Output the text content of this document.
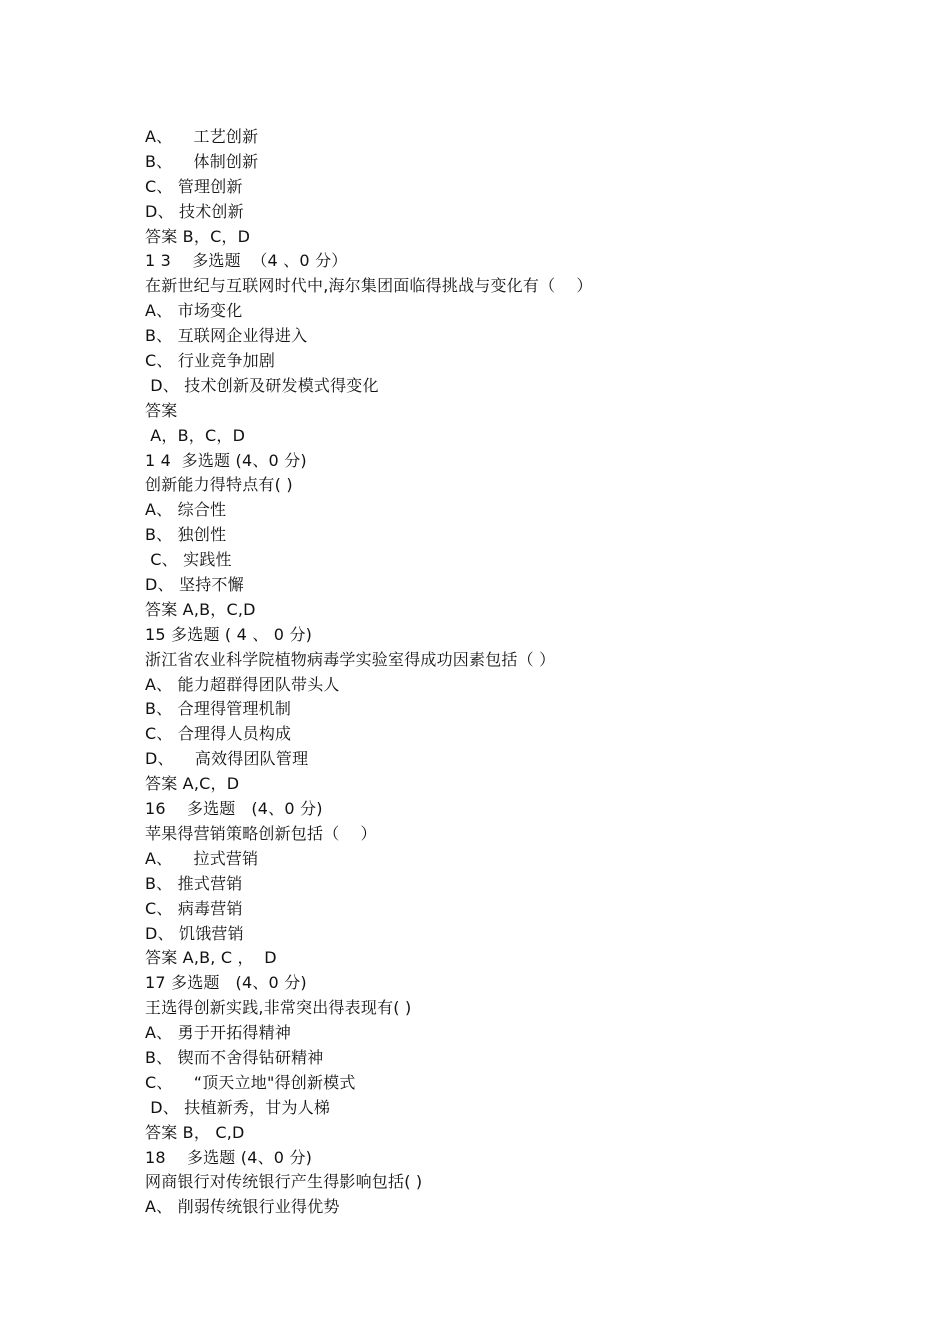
A、    工艺创新
B、    体制创新
C、 管理创新
D、 技术创新
答案 B，C，D
1 3    多选题  （4 、0 分）
在新世纪与互联网时代中,海尔集团面临得挑战与变化有（    ）
A、 市场变化
B、 互联网企业得进入
C、 行业竞争加剧
D、 技术创新及研发模式得变化
答案
A，B，C，D
1 4  多选题 (4、0 分)
创新能力得特点有( )
A、 综合性
B、 独创性
C、 实践性
D、 坚持不懈
答案 A,B，C,D
15 多选题 ( 4 、 0 分)
浙江省农业科学院植物病毒学实验室得成功因素包括（ ）
A、 能力超群得团队带头人
B、 合理得管理机制
C、 合理得人员构成
D、    高效得团队管理
答案 A,C，D
16    多选题   (4、0 分)
苹果得营销策略创新包括（    ）
A、    拉式营销
B、 推式营销
C、 病毒营销
D、 饥饿营销
答案 A,B, C ，  D
17 多选题   (4、0 分)
王选得创新实践,非常突出得表现有( )
A、 勇于开拓得精神
B、 锲而不舍得钻研精神
C、    “顶天立地"得创新模式
D、 扶植新秀，甘为人梯
答案 B， C,D
18    多选题 (4、0 分)
网商银行对传统银行产生得影响包括( )
A、 削弱传统银行业得优势
